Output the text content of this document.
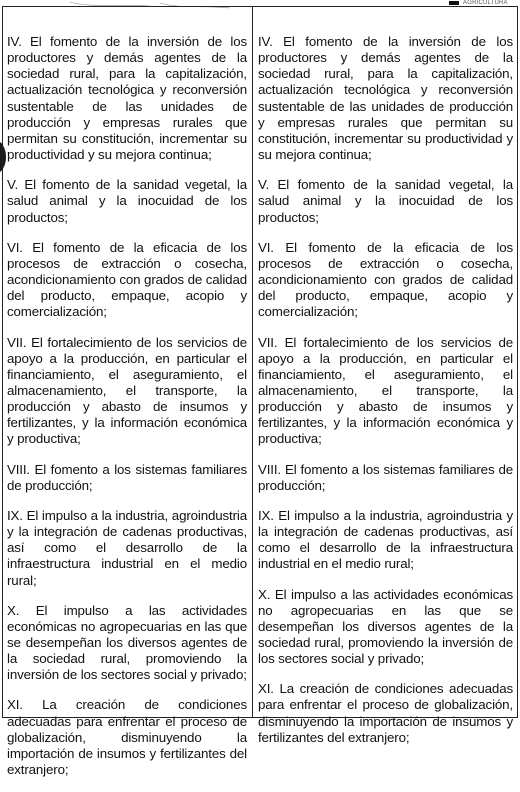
AGRICULTURA

IV. El fomento de la inversión de los productores y demás agentes de la sociedad rural, para la capitalización, actualización tecnológica y reconversión sustentable de las unidades de producción y empresas rurales que permitan su constitución, incrementar su productividad y su mejora continua;

V. El fomento de la sanidad vegetal, la salud animal y la inocuidad de los productos;

VI. El fomento de la eficacia de los procesos de extracción o cosecha, acondicionamiento con grados de calidad del producto, empaque, acopio y comercialización;

VII. El fortalecimiento de los servicios de apoyo a la producción, en particular el financiamiento, el aseguramiento, el almacenamiento, el transporte, la producción y abasto de insumos y fertilizantes, y la información económica y productiva;

VIII. El fomento a los sistemas familiares de producción;

IX. El impulso a la industria, agroindustria y la integración de cadenas productivas, así como el desarrollo de la infraestructura industrial en el medio rural;

X. El impulso a las actividades económicas no agropecuarias en las que se desempeñan los diversos agentes de la sociedad rural, promoviendo la inversión de los sectores social y privado;

XI. La creación de condiciones adecuadas para enfrentar el proceso de globalización, disminuyendo la importación de insumos y fertilizantes del extranjero;

IV. El fomento de la inversión de los productores y demás agentes de la sociedad rural, para la capitalización, actualización tecnológica y reconversión sustentable de las unidades de producción y empresas rurales que permitan su constitución, incrementar su productividad y su mejora continua;

V. El fomento de la sanidad vegetal, la salud animal y la inocuidad de los productos;

VI. El fomento de la eficacia de los procesos de extracción o cosecha, acondicionamiento con grados de calidad del producto, empaque, acopio y comercialización;

VII. El fortalecimiento de los servicios de apoyo a la producción, en particular el financiamiento, el aseguramiento, el almacenamiento, el transporte, la producción y abasto de insumos y fertilizantes, y la información económica y productiva;

VIII. El fomento a los sistemas familiares de producción;

IX. El impulso a la industria, agroindustria y la integración de cadenas productivas, así como el desarrollo de la infraestructura industrial en el medio rural;

X. El impulso a las actividades económicas no agropecuarias en las que se desempeñan los diversos agentes de la sociedad rural, promoviendo la inversión de los sectores social y privado;

XI. La creación de condiciones adecuadas para enfrentar el proceso de globalización, disminuyendo la importación de insumos y fertilizantes del extranjero;
